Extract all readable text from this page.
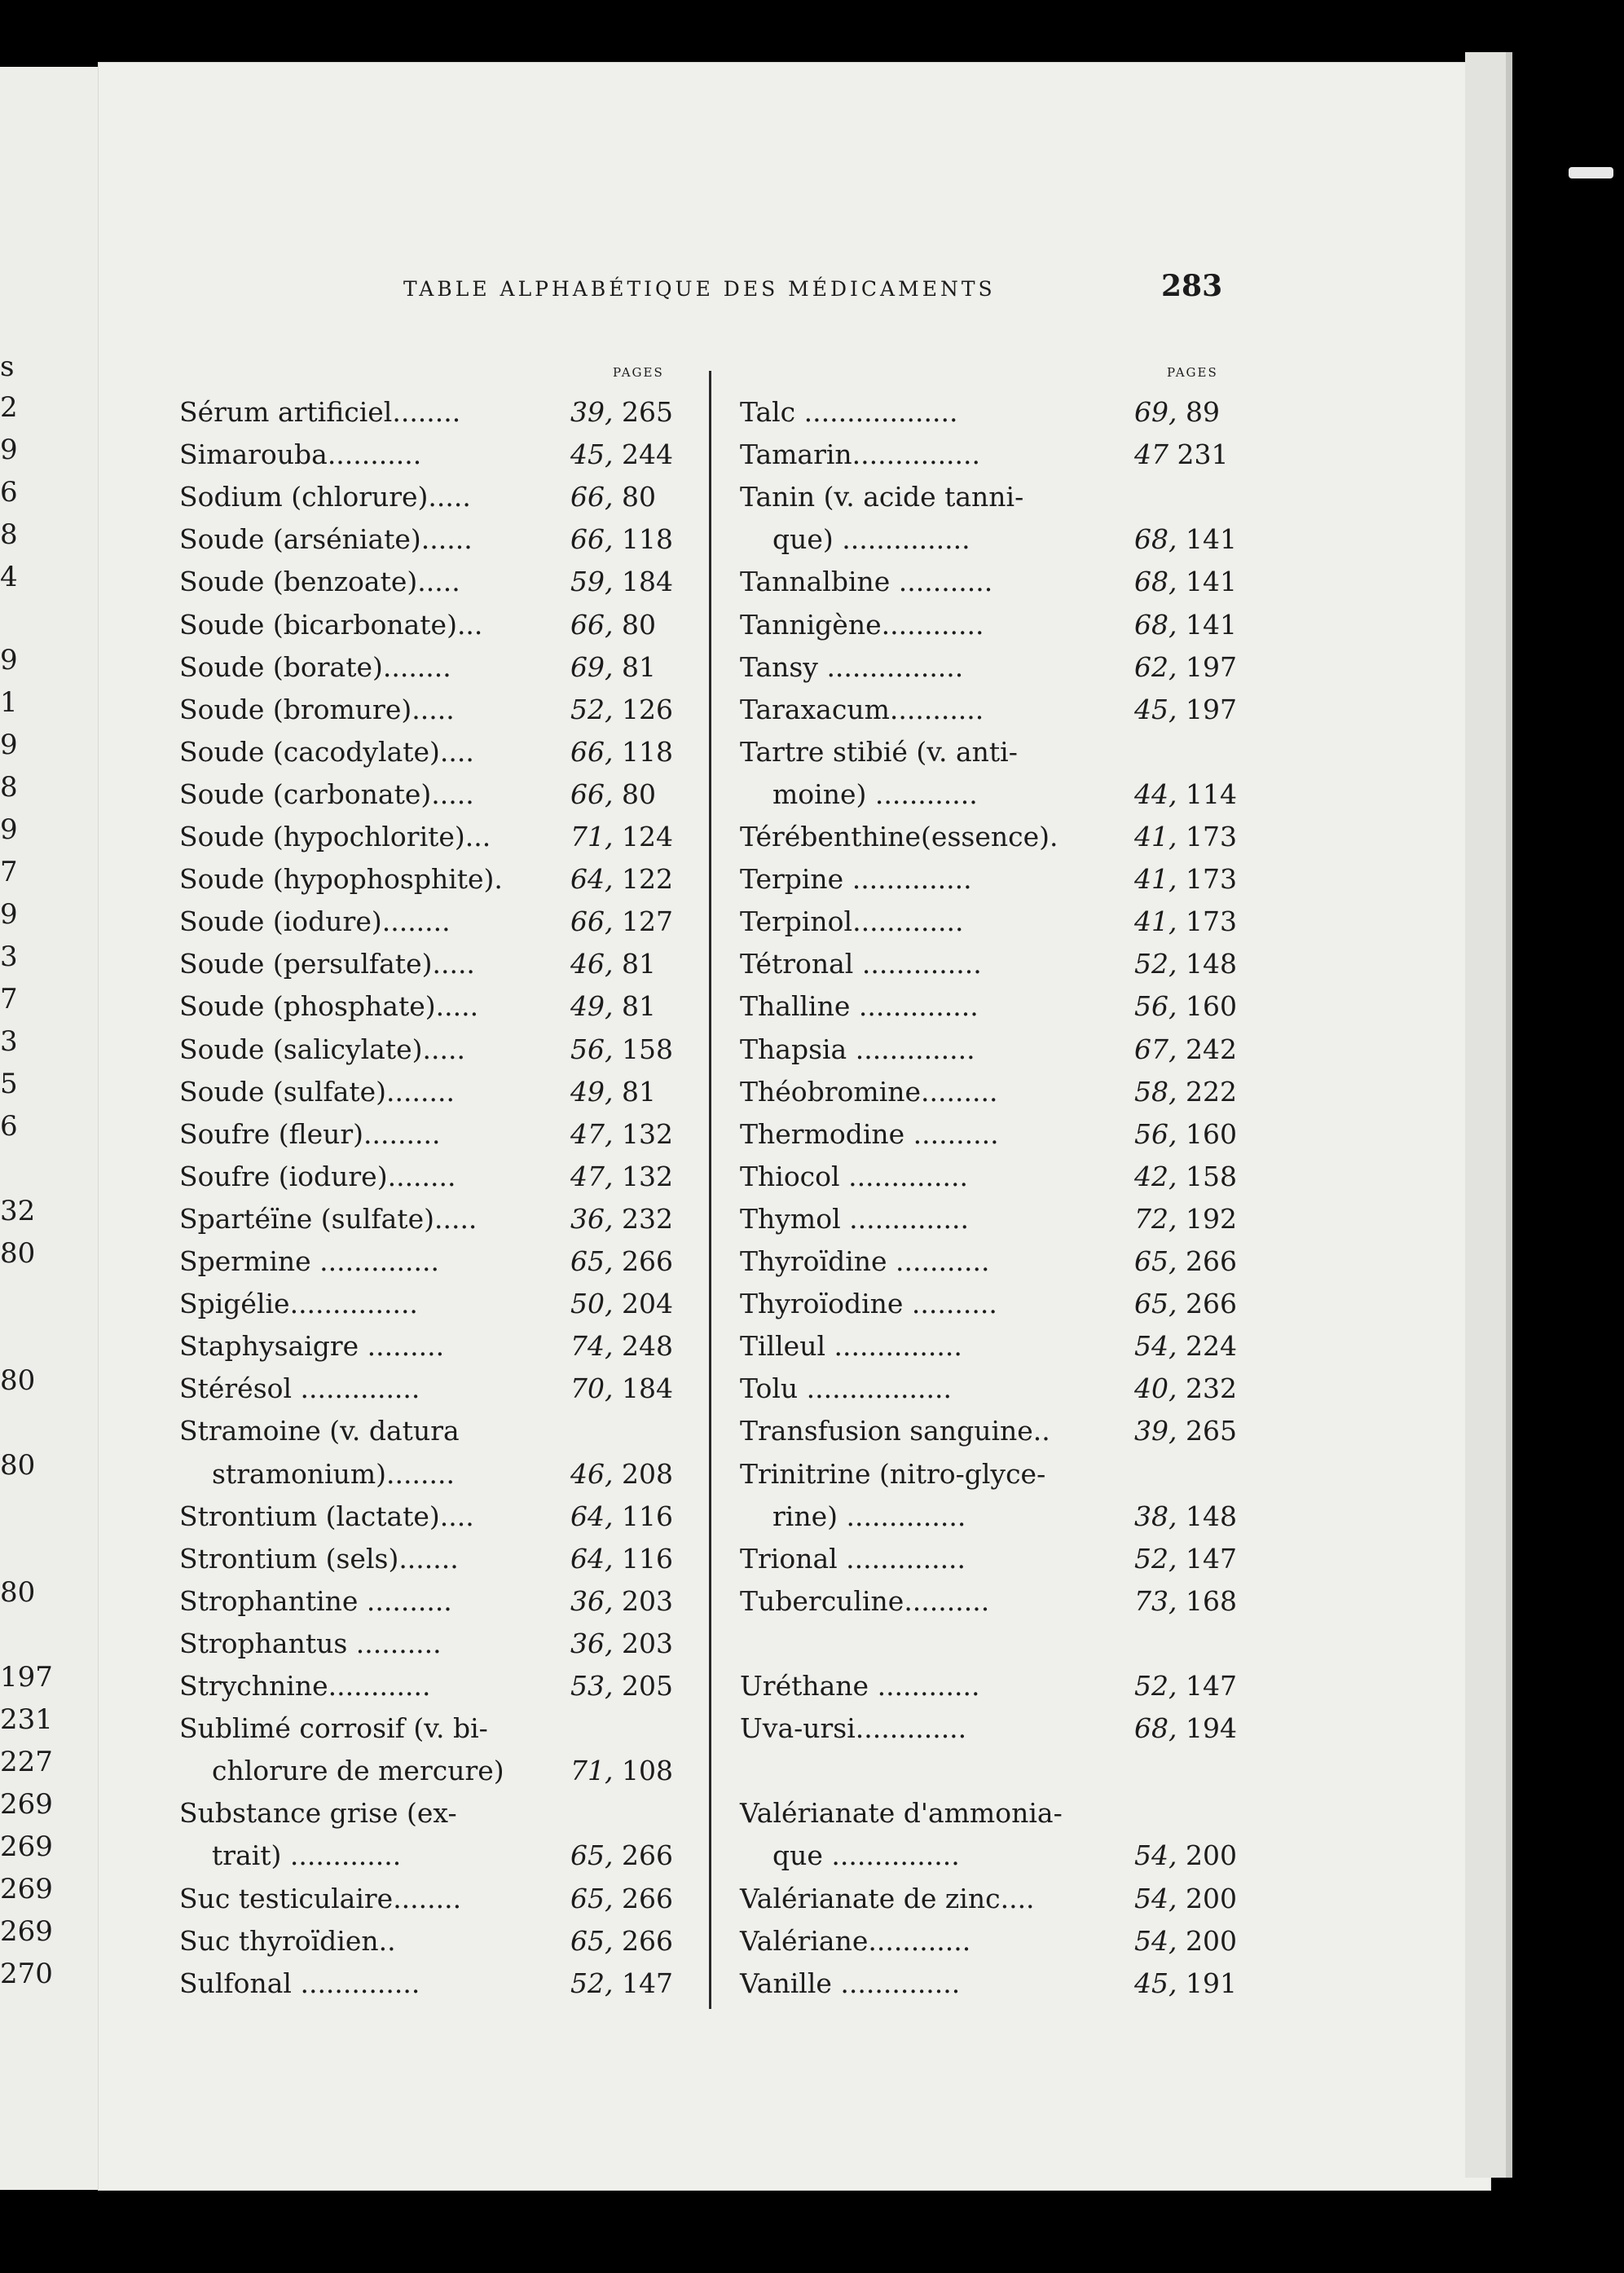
s
2
9
6
8
4
9
1
9
8
9
7
9
3
7
3
5
6
32
80
80
80
80
197
231
227
269
269
269
269
270
TABLE ALPHABÉTIQUE DES MÉDICAMENTS	283
PAGES	PAGES
Sérum artificiel........	39, 265
Simarouba...........	45, 244
Sodium (chlorure).....	66, 80
Soude (arséniate)......	66, 118
Soude (benzoate).....	59, 184
Soude (bicarbonate)...	66, 80
Soude (borate)........	69, 81
Soude (bromure).....	52, 126
Soude (cacodylate)....	66, 118
Soude (carbonate).....	66, 80
Soude (hypochlorite)...	71, 124
Soude (hypophosphite).	64, 122
Soude (iodure)........	66, 127
Soude (persulfate).....	46, 81
Soude (phosphate).....	49, 81
Soude (salicylate).....	56, 158
Soude (sulfate)........	49, 81
Soufre (fleur).........	47, 132
Soufre (iodure)........	47, 132
Spartéïne (sulfate).....	36, 232
Spermine ..............	65, 266
Spigélie...............	50, 204
Staphysaigre .........	74, 248
Stérésol ..............	70, 184
Stramoine (v. datura
stramonium)........	46, 208
Strontium (lactate)....	64, 116
Strontium (sels).......	64, 116
Strophantine ..........	36, 203
Strophantus ..........	36, 203
Strychnine............	53, 205
Sublimé corrosif (v. bi-
chlorure de mercure) 71, 108
Substance grise (ex-
trait) .............	65, 266
Suc testiculaire........	65, 266
Suc thyroïdien..	65, 266
Sulfonal ..............	52, 147
Talc ..................	69, 89
Tamarin...............	47 231
Tanin (v. acide tanni-
que) ...............	68, 141
Tannalbine ...........	68, 141
Tannigène............	68, 141
Tansy ................	62, 197
Taraxacum...........	45, 197
Tartre stibié (v. anti-
moine) ............	44, 114
Térébenthine(essence).	41, 173
Terpine ..............	41, 173
Terpinol.............	41, 173
Tétronal ..............	52, 148
Thalline ..............	56, 160
Thapsia ..............	67, 242
Théobromine.........	58, 222
Thermodine ..........	56, 160
Thiocol ..............	42, 158
Thymol ..............	72, 192
Thyroïdine ...........	65, 266
Thyroïodine ..........	65, 266
Tilleul ...............	54, 224
Tolu .................	40, 232
Transfusion sanguine..	39, 265
Trinitrine (nitro-glyce-
rine) ..............	38, 148
Trional ..............	52, 147
Tuberculine..........	73, 168
Uréthane ............	52, 147
Uva-ursi.............	68, 194
Valérianate d'ammonia-
que ...............	54, 200
Valérianate de zinc....	54, 200
Valériane............	54, 200
Vanille ..............	45, 191
